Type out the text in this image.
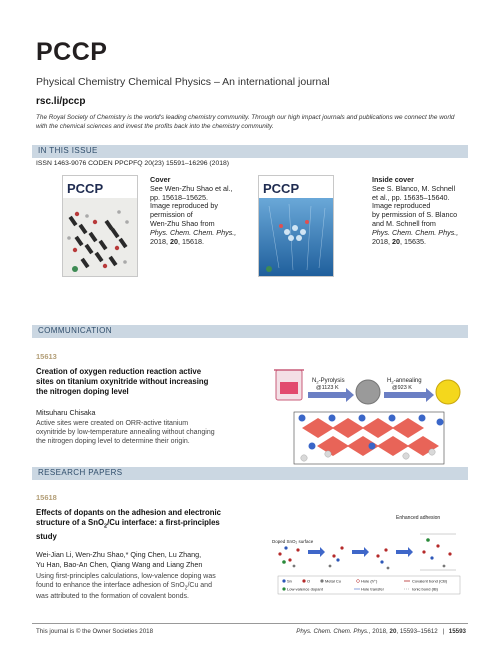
PCCP
Physical Chemistry Chemical Physics – An international journal
rsc.li/pccp
The Royal Society of Chemistry is the world's leading chemistry community. Through our high impact journals and publications we connect the world with the chemical sciences and invest the profits back into the chemistry community.
IN THIS ISSUE
ISSN 1463-9076 CODEN PPCPFQ 20(23) 15591–16296 (2018)
PCCP
Cover
See Wen-Zhu Shao et al.,
pp. 15618–15625.
Image reproduced by
permission of
Wen-Zhu Shao from
Phys. Chem. Chem. Phys.,
2018, 20, 15618.
PCCP
Inside cover
See S. Blanco, M. Schnell
et al., pp. 15635–15640.
Image reproduced
by permission of S. Blanco
and M. Schnell from
Phys. Chem. Chem. Phys.,
2018, 20, 15635.
COMMUNICATION
15613
Creation of oxygen reduction reaction active
sites on titanium oxynitride without increasing
the nitrogen doping level
Mitsuharu Chisaka
Active sites were created on ORR-active titanium
oxynitride by low-temperature annealing without changing
the nitrogen doping level to determine their origin.
$N_2$-Pyrolysis
@1123 K
$H_2$-annealing
@923 K
RESEARCH PAPERS
15618
Effects of dopants on the adhesion and electronic
structure of a SnO$_2$/Cu interface: a first-principles
study
Wei-Jian Li, Wen-Zhu Shao,* Qing Chen, Lu Zhang,
Yu Han, Bao-An Chen, Qiang Wang and Liang Zhen
Using first-principles calculations, low-valence doping was
found to enhance the interface adhesion of SnO$_2$/Cu and
was attributed to the formation of covalent bonds.
Enhanced adhesion
Doped SnO₂ surface
Sn	O	Metal Cu
Low-valence dopant
Hole (h⁺)
Hole transfer
Covalent bond (CB)
Ionic bond (IB)
This journal is © the Owner Societies 2018	Phys. Chem. Chem. Phys., 2018, 20, 15593–15612 | 15593
